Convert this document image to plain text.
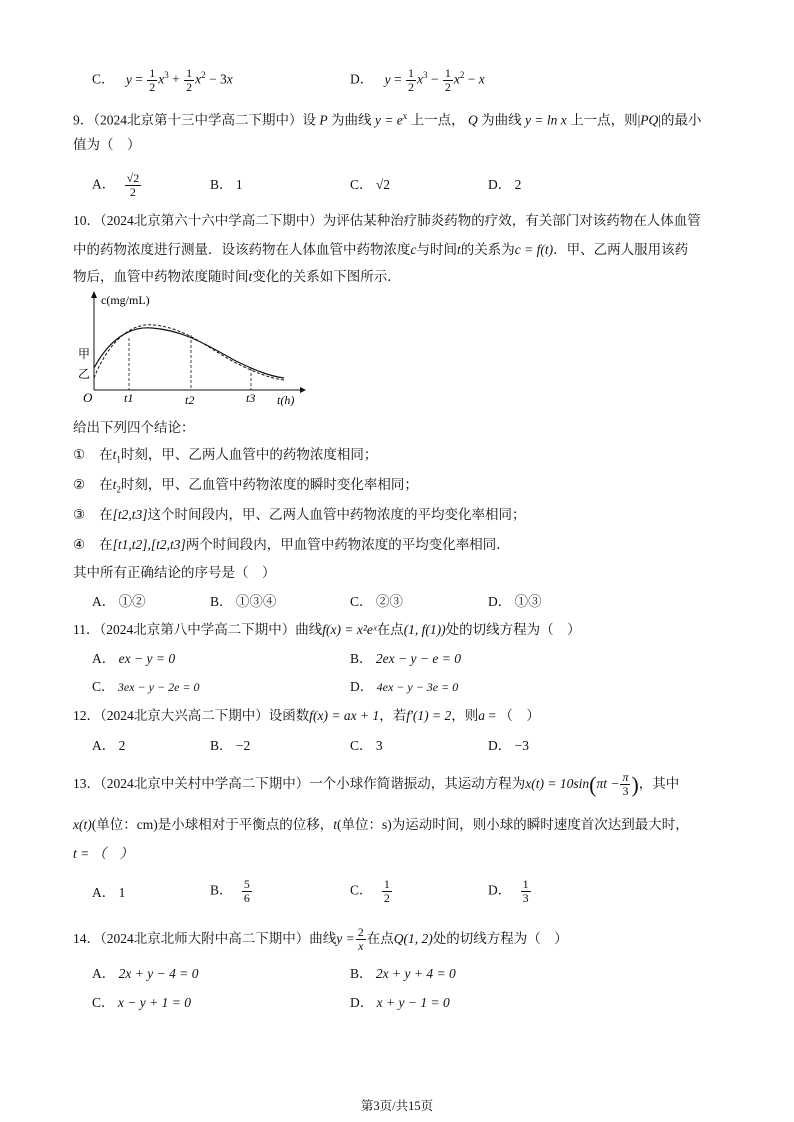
C． $y = \frac{1}{2} x^3 + \frac{1}{2} x^2 - 3x$	D． $y = \frac{1}{2} x^3 - \frac{1}{2} x^2 - x$
9．（2024北京第十三中学高二下期中）设 P 为曲线 $y = e^x$ 上一点， Q 为曲线 y = ln x 上一点，则|PQ|的最小
值为（　）
A． $\frac{√2}{2}$	B． 1	C． √2	D． 2
10．（2024北京第六十六中学高二下期中）为评估某种治疗肺炎药物的疗效，有关部门对该药物在人体血管
中的药物浓度进行测量．设该药物在人体血管中药物浓度c与时间t的关系为c = f(t)．甲、乙两人服用该药
物后，血管中药物浓度随时间t变化的关系如下图所示．
c(mg/mL)
t(h)
O	t1	t2	t3
甲
乙
给出下列四个结论：
① 在$t_1$时刻，甲、乙两人血管中的药物浓度相同；
② 在$t_2$时刻，甲、乙血管中药物浓度的瞬时变化率相同；
③ 在[t2,t3]这个时间段内，甲、乙两人血管中药物浓度的平均变化率相同；
④ 在[t1,t2],[t2,t3]两个时间段内，甲血管中药物浓度的平均变化率相同．
其中所有正确结论的序号是（　）
A． ①②	B． ①③④	C． ②③	D． ①③
11．（2024北京第八中学高二下期中）曲线f(x) = x²eˣ在点(1, f(1))处的切线方程为（　）
A． ex − y = 0	B． 2ex − y − e = 0
C． 3ex − y − 2e = 0	D． 4ex − y − 3e = 0
12．（2024北京大兴高二下期中）设函数f(x) = ax + 1，若f′(1) = 2，则a = （　）
A． 2	B． −2	C． 3	D． −3
13．（2024北京中关村中学高二下期中）一个小球作简谐振动，其运动方程为$x(t) = 10\sin(\pi t - \frac{\pi}{3}$ )，其中
x(t)(单位：cm)是小球相对于平衡点的位移，t(单位：s)为运动时间，则小球的瞬时速度首次达到最大时，
t = （　）
A． 1	B． $\frac{5}{6}$	C． $\frac{1}{2}$	D． $\frac{1}{3}$
14．（2024北京北师大附中高二下期中）曲线$y = \frac{2}{x}$ 在点Q(1, 2)处的切线方程为（　）
A． 2x + y − 4 = 0	B． 2x + y + 4 = 0
C． x − y + 1 = 0	D． x + y − 1 = 0
第3页/共15页
